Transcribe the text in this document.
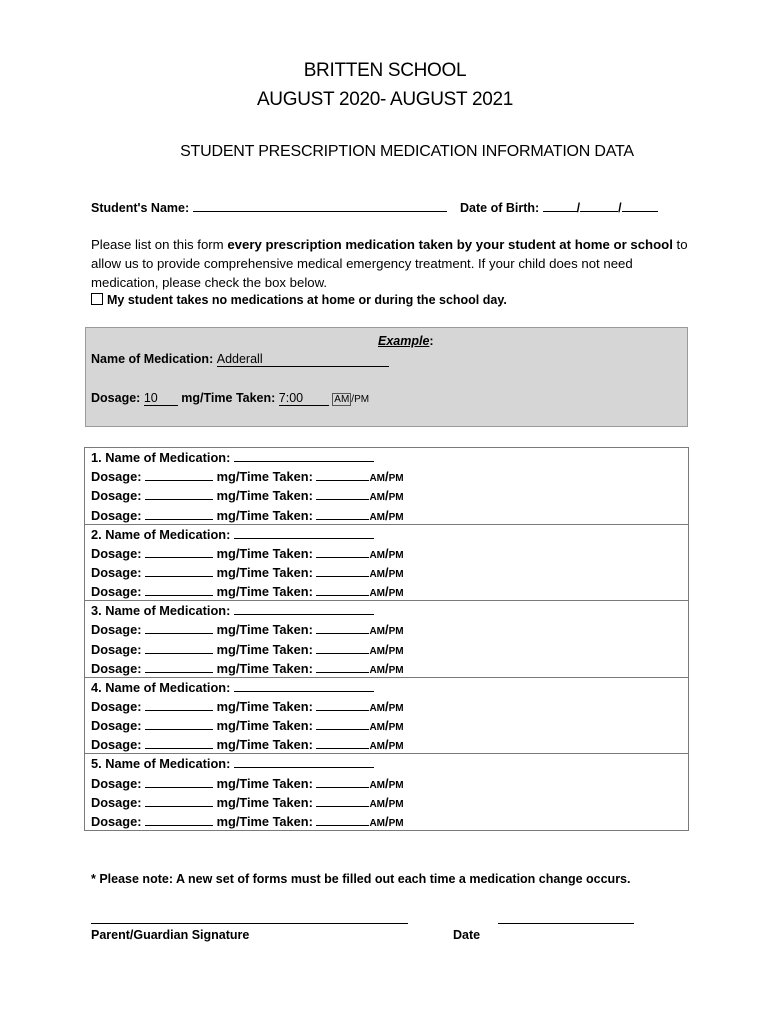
BRITTEN SCHOOL
AUGUST 2020- AUGUST 2021
STUDENT PRESCRIPTION MEDICATION INFORMATION DATA
Student's Name:	Date of Birth:	/	/
Please list on this form every prescription medication taken by your student at home or school to allow us to provide comprehensive medical emergency treatment. If your child does not need medication, please check the box below.
My student takes no medications at home or during the school day.
Example:
Name of Medication: Adderall
Dosage: 10 mg/Time Taken: 7:00	AM /PM
1. Name of Medication:
Dosage:	mg/Time Taken:	AM/PM
Dosage:	mg/Time Taken:	AM/PM
Dosage:	mg/Time Taken:	AM/PM
2. Name of Medication:
Dosage:	mg/Time Taken:	AM/PM
Dosage:	mg/Time Taken:	AM/PM
Dosage:	mg/Time Taken:	AM/PM
3. Name of Medication:
Dosage:	mg/Time Taken:	AM/PM
Dosage:	mg/Time Taken:	AM/PM
Dosage:	mg/Time Taken:	AM/PM
4. Name of Medication:
Dosage:	mg/Time Taken:	AM/PM
Dosage:	mg/Time Taken:	AM/PM
Dosage:	mg/Time Taken:	AM/PM
5. Name of Medication:
Dosage:	mg/Time Taken:	AM/PM
Dosage:	mg/Time Taken:	AM/PM
Dosage:	mg/Time Taken:	AM/PM
* Please note: A new set of forms must be filled out each time a medication change occurs.
Parent/Guardian Signature	Date
